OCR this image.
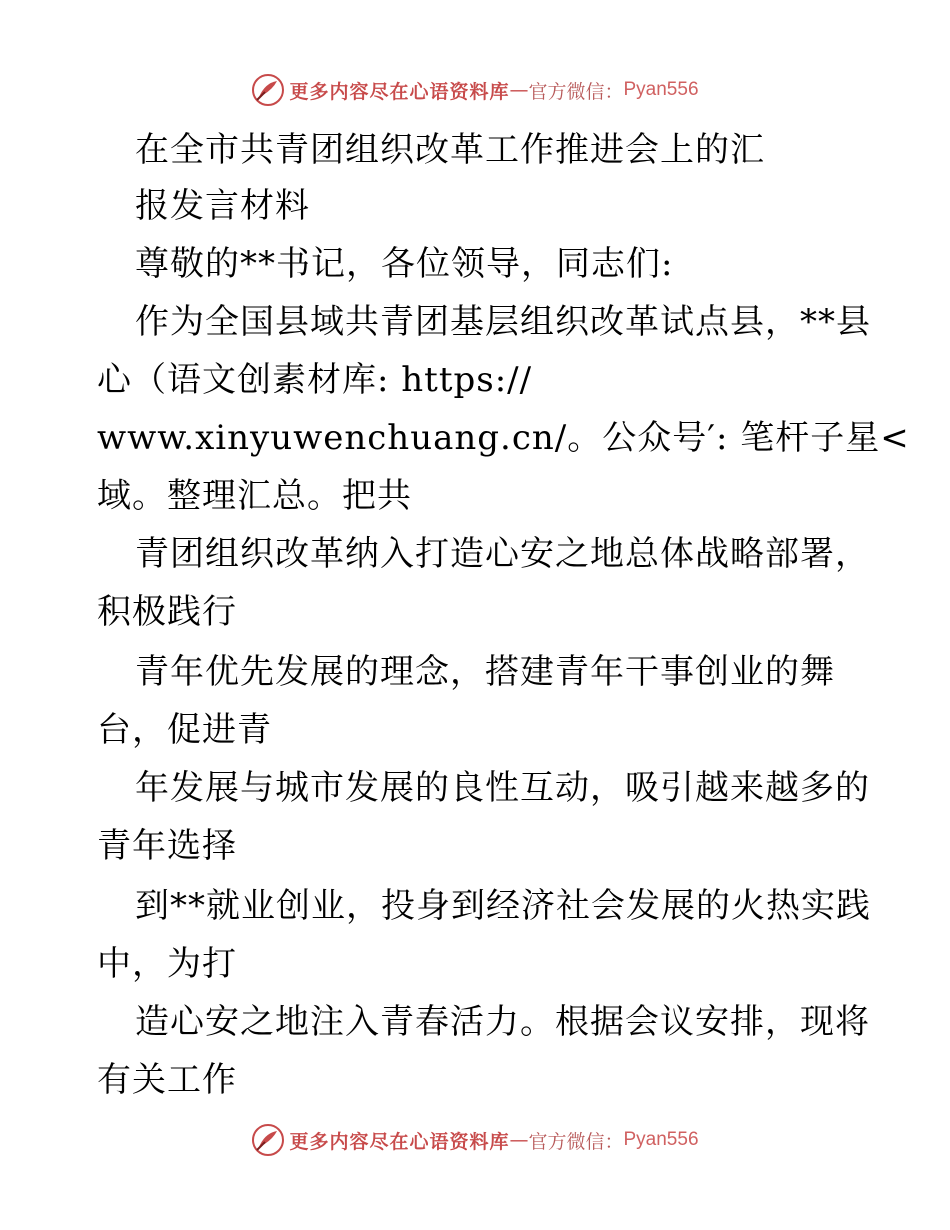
更多内容尽在心语资料库 — 官方微信： Pyan556
在全市共青团组织改革工作推进会上的汇
报发言材料
尊敬的**书记，各位领导，同志们:
作为全国县域共青团基层组织改革试点县，**县
心（语文创素材库: https://
www.xinyuwenchuang.cn/。公众号′: 笔杆子星<
域。整理汇总。把共
青团组织改革纳入打造心安之地总体战略部署，
积极践行
青年优先发展的理念，搭建青年干事创业的舞
台，促进青
年发展与城市发展的良性互动，吸引越来越多的
青年选择
到**就业创业，投身到经济社会发展的火热实践
中，为打
造心安之地注入青春活力。根据会议安排，现将
有关工作
更多内容尽在心语资料库 — 官方微信： Pyan556
